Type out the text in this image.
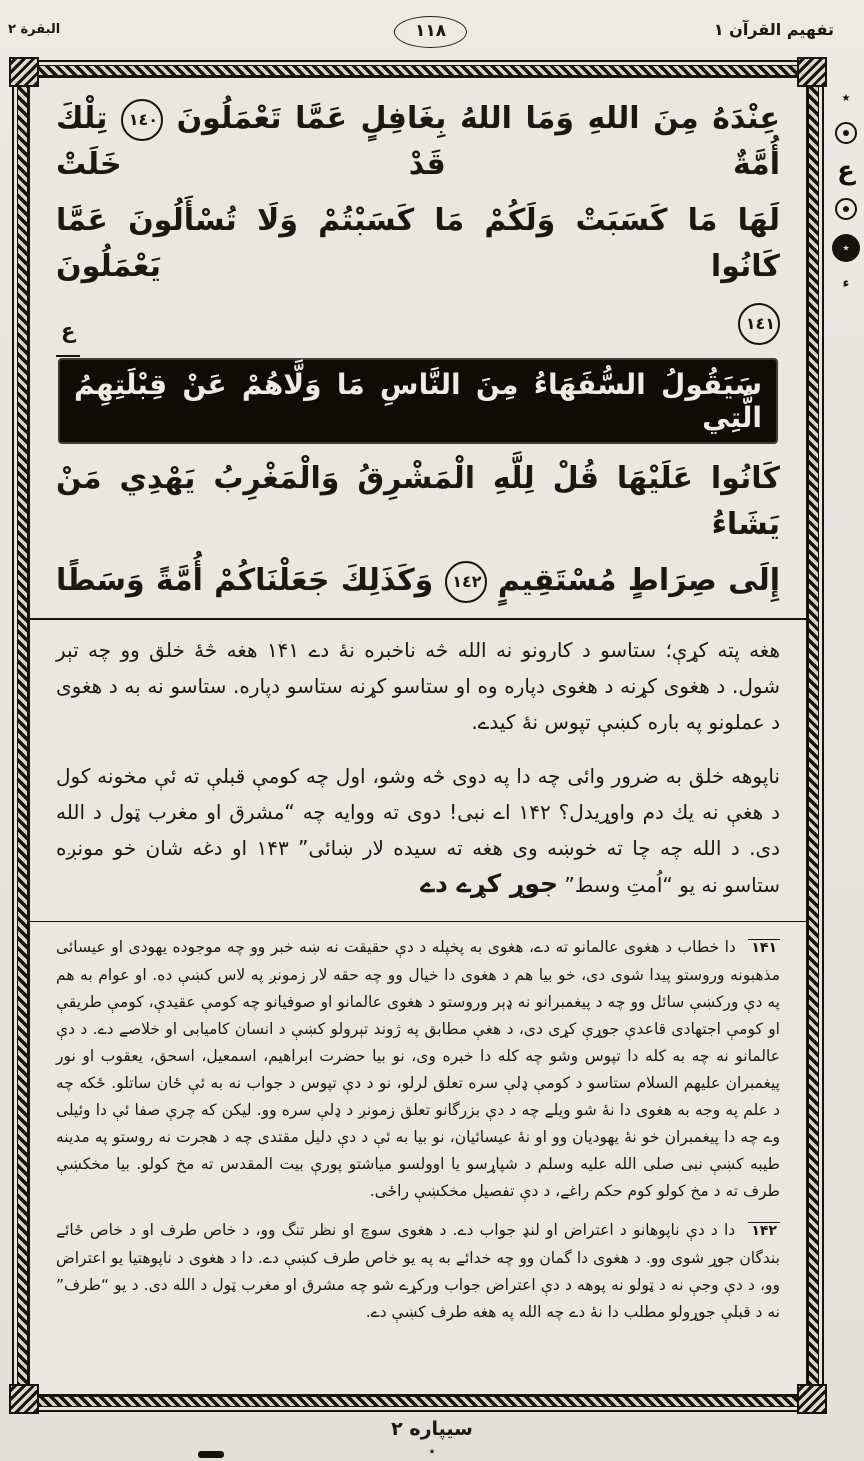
تفهيم القرآن ١
البقرة ٢	١١٨
٭
ع
٭
ء

عِنْدَهُ مِنَ اللهِ وَمَا اللهُ بِغَافِلٍ عَمَّا تَعْمَلُونَ ١٤٠ تِلْكَ أُمَّةٌ قَدْ خَلَتْ

لَهَا مَا كَسَبَتْ وَلَكُمْ مَا كَسَبْتُمْ وَلَا تُسْأَلُونَ عَمَّا كَانُوا يَعْمَلُونَ

١٤١
ع

سَيَقُولُ السُّفَهَاءُ مِنَ النَّاسِ مَا وَلَّاهُمْ عَنْ قِبْلَتِهِمُ الَّتِي

كَانُوا عَلَيْهَا قُلْ لِلَّهِ الْمَشْرِقُ وَالْمَغْرِبُ يَهْدِي مَنْ يَشَاءُ

إِلَى صِرَاطٍ مُسْتَقِيمٍ ١٤٢ وَكَذَلِكَ جَعَلْنَاكُمْ أُمَّةً وَسَطًا

هغه پته كړې؛ ستاسو د كارونو نه الله څه ناخبره نهٔ دے ۱۴۱ هغه څهٔ خلق وو چه تېر شول. د هغوی كړنه د هغوی دپاره وه او ستاسو كړنه ستاسو دپاره. ستاسو نه به د هغوی د عملونو په باره كښې تپوس نهٔ كيدے.

ناپوهه خلق به ضرور وائی چه دا په دوی څه وشو، اول چه كومې قبلې ته ئې مخونه كول د هغې نه يك دم واوړيدل؟ ۱۴۲ اے نبی! دوی ته ووايه چه “مشرق او مغرب ټول د الله دی. د الله چه چا ته خوښه وی هغه ته سيده لار ښائی” ۱۴۳ او دغه شان خو مونږه ستاسو نه يو “اُمتِ وسط” جوړ كړے دے

۱۴۱ دا خطاب د هغوی عالمانو ته دے، هغوی به پخپله د دې حقيقت نه ښه خبر وو چه موجوده يهودی او عيسائی مذهبونه وروستو پيدا شوی دی، خو بيا هم د هغوی دا خيال وو چه حقه لار زمونږ په لاس كښې ده. او عوام به هم په دې وركښې سائل وو چه د پيغمبرانو نه ډېر وروستو د هغوی عالمانو او صوفيانو چه كومې عقيدې، كومې طريقې او كومې اجتهادی قاعدې جوړې كړی دی، د هغې مطابق په ژوند تېرولو كښې د انسان كاميابی او خلاصے دے. د دې عالمانو نه چه به كله دا تپوس وشو چه كله دا خبره وی، نو بيا حضرت ابراهيم، اسمعيل، اسحق، يعقوب او نور پيغمبران عليهم السلام ستاسو د كومې ډلې سره تعلق لرلو، نو د دې تپوس د جواب نه به ئې ځان ساتلو. ځكه چه د علم په وجه به هغوی دا نهٔ شو ويلے چه د دې بزرگانو تعلق زمونږ د ډلې سره وو. ليكن كه چرې صفا ئې دا وئيلی وے چه دا پيغمبران خو نهٔ يهوديان وو او نهٔ عيسائيان، نو بيا به ئې د دې دليل مقتدی چه د هجرت نه روستو په مدينه طيبه كښې نبی صلی الله عليه وسلم د شپاړسو يا اوولسو مياشتو پورې بيت المقدس ته مخ كولو. بيا مخكښې طرف ته د مخ كولو كوم حكم راغے، د دې تفصيل مخكښې راځی.

۱۴۲ دا د دې ناپوهانو د اعتراض او لنډ جواب دے. د هغوی سوچ او نظر تنگ وو، د خاص طرف او د خاص ځائے بندگان جوړ شوی وو. د هغوی دا گمان وو چه خدائے به په يو خاص طرف كښې دے. دا د هغوی د ناپوهتيا يو اعتراض وو، د دې وجې نه د ټولو نه پوهه د دې اعتراض جواب وركړے شو چه مشرق او مغرب ټول د الله دی. د يو “طرف” نه د قبلې جوړولو مطلب دا نهٔ دے چه الله په هغه طرف كښې دے.

سيپاره ٢
٭
